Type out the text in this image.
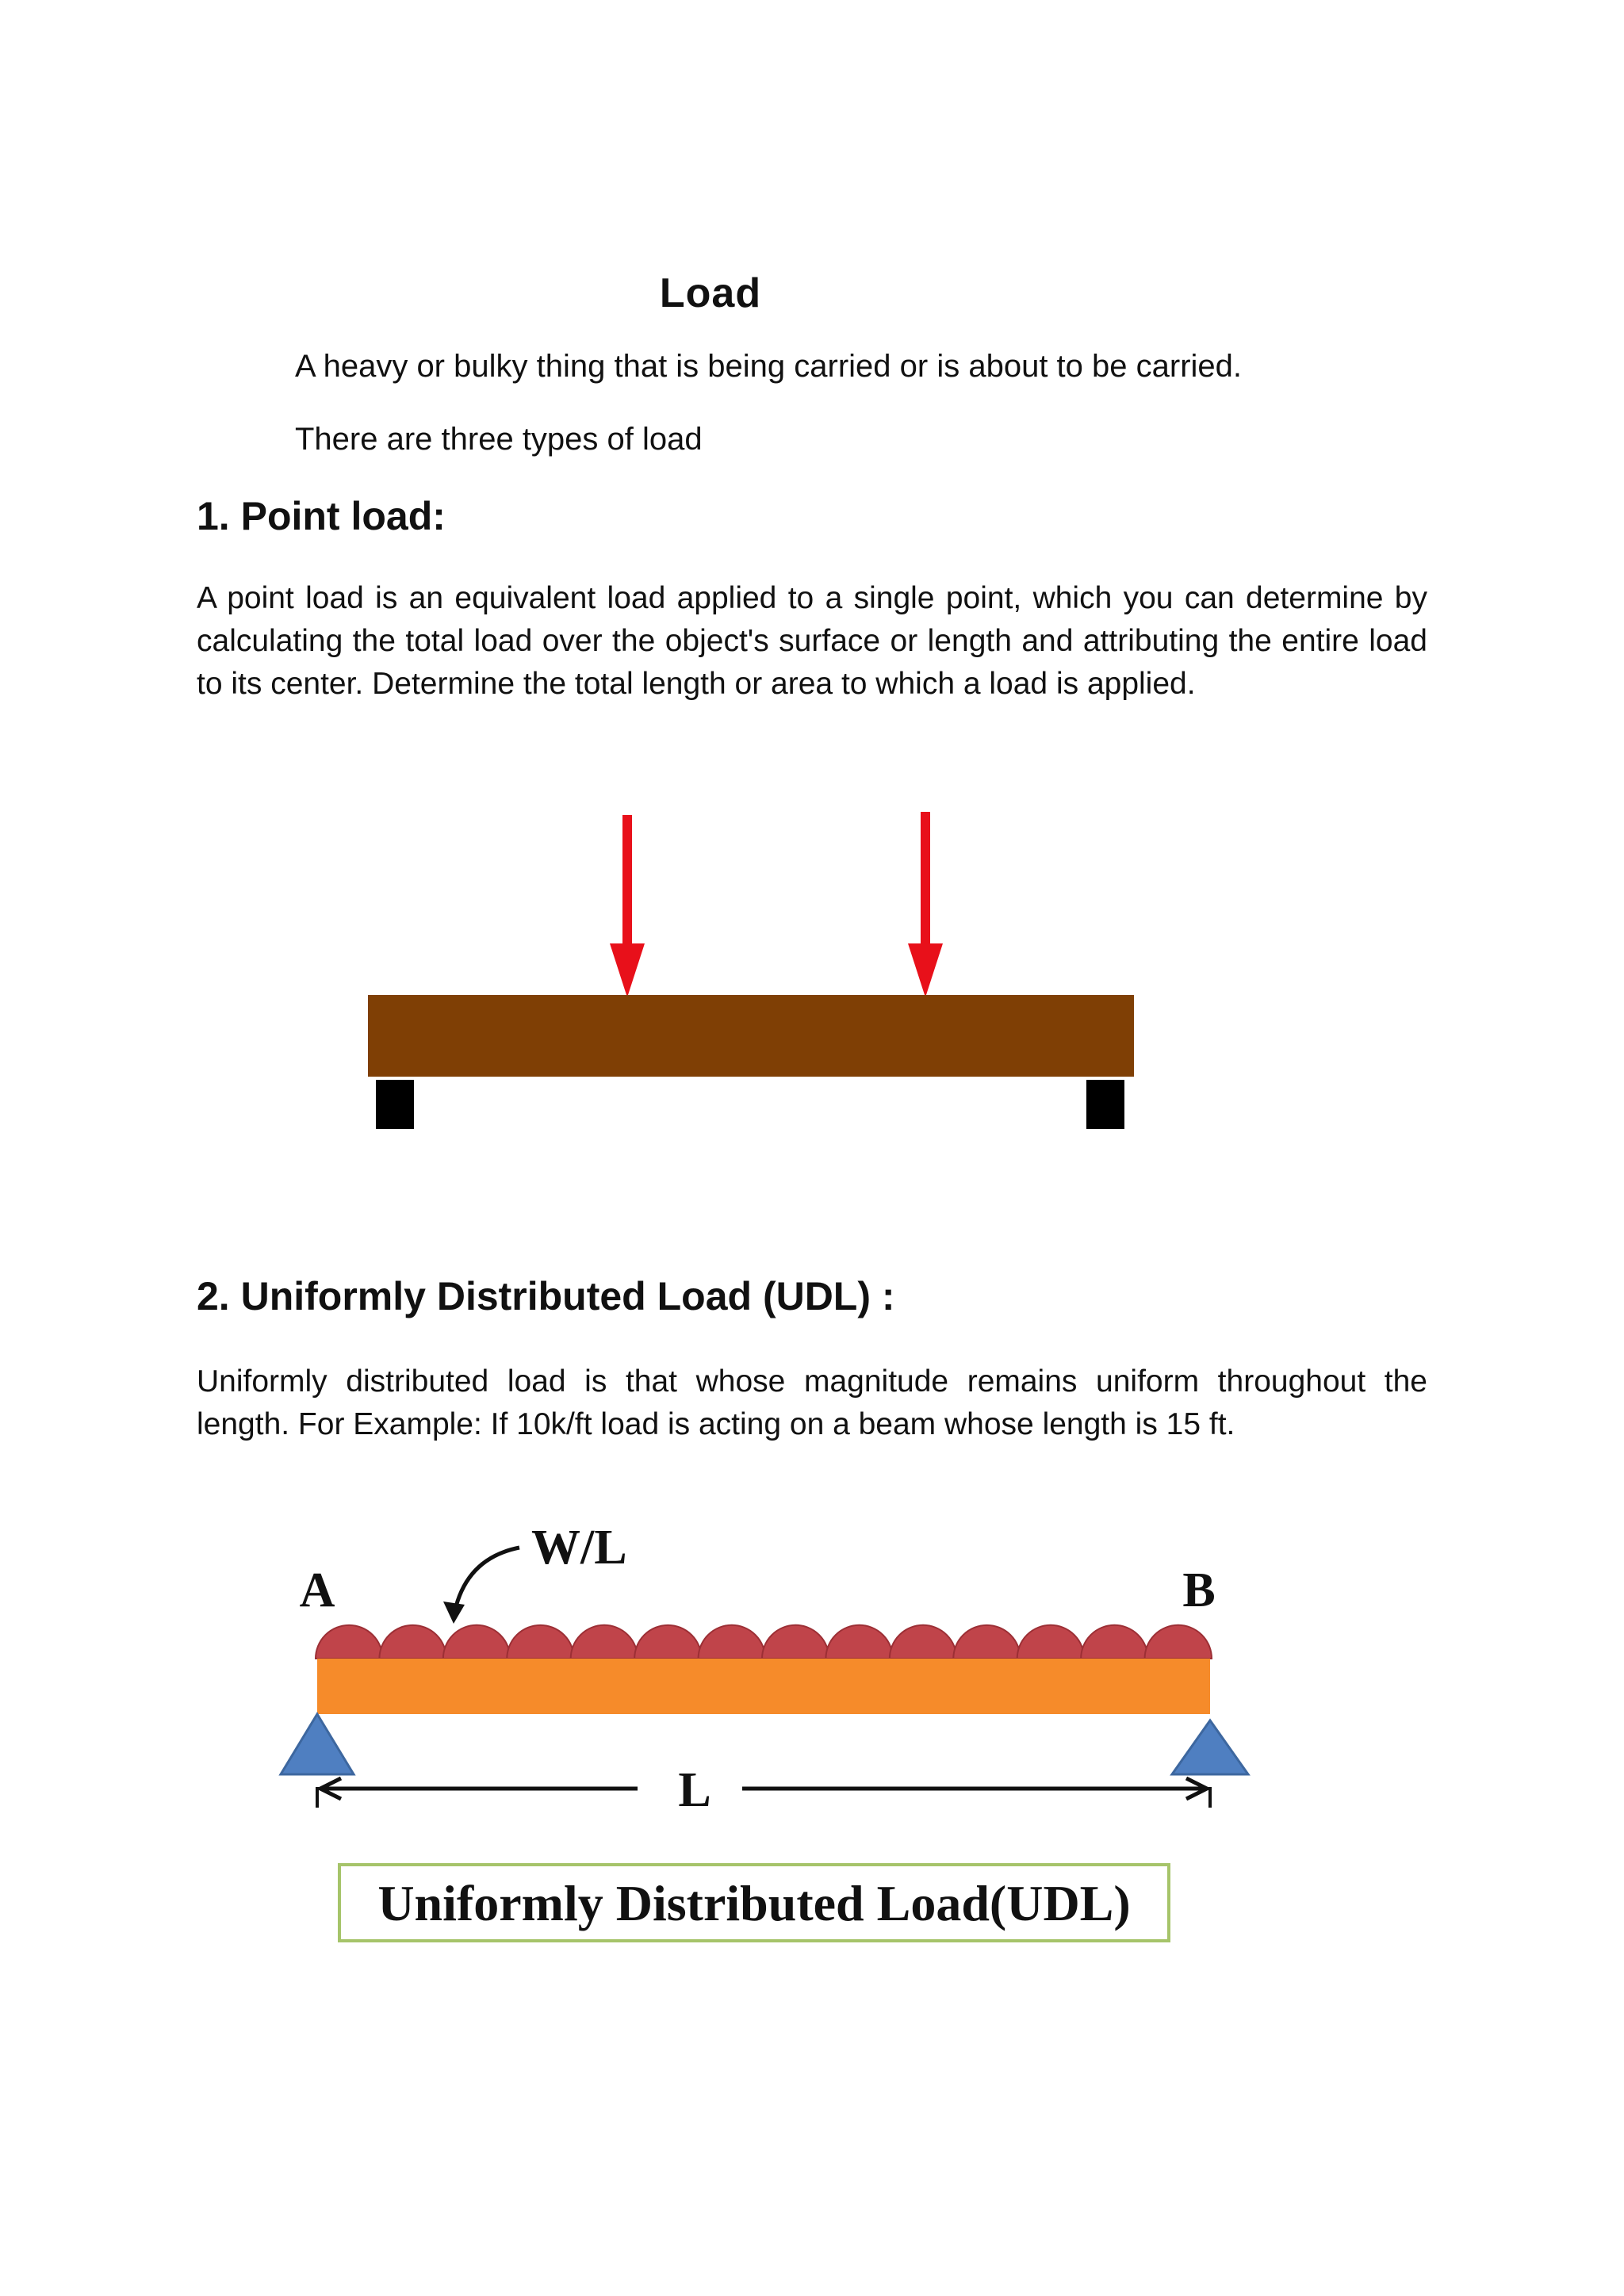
Load
A heavy or bulky thing that is being carried or is about to be carried.
There are three types of load
1. Point load:
A point load is an equivalent load applied to a single point, which you can determine by calculating the total load over the object's surface or length and attributing the entire load to its center. Determine the total length or area to which a load is applied.
2. Uniformly Distributed Load (UDL) :
Uniformly distributed load is that whose magnitude remains uniform throughout the length. For Example: If 10k/ft load is acting on a beam whose length is 15 ft.
A	B
W/L
L
Uniformly Distributed Load(UDL)
